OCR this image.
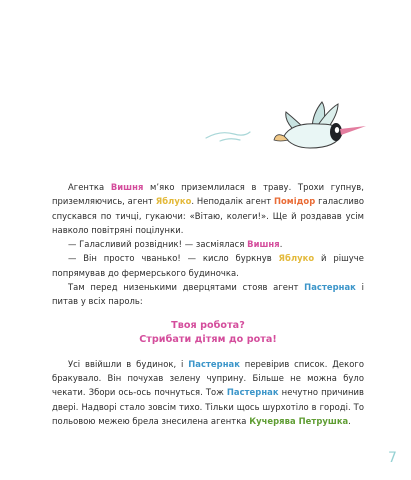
Агентка Вишня м’яко приземлилася в траву. Трохи гупнув, приземляючись, агент Яблуко. Неподалік агент Помідор галасливо спускався по тичці, гукаючи: «Вітаю, колеги!». Ще й роздавав усім навколо повітряні поцілунки.

— Галасливий розвідник! — засміялася Вишня.

— Він просто чванько! — кисло буркнув Яблуко й рішуче попрямував до фермерського будиночка.

Там перед низенькими дверцятами стояв агент Пастернак і питав у всіх пароль:

Твоя робота?
Стрибати дітям до рота!

Усі ввійшли в будинок, і Пастернак перевірив список. Декого бракувало. Він почухав зелену чуприну. Більше не можна було чекати. Збори ось-ось почнуться. Тож Пастернак нечутно причинив двері. Надворі стало зовсім тихо. Тільки щось шурхотіло в городі. То польовою межею брела знесилена агентка Кучерява Петрушка.

7
